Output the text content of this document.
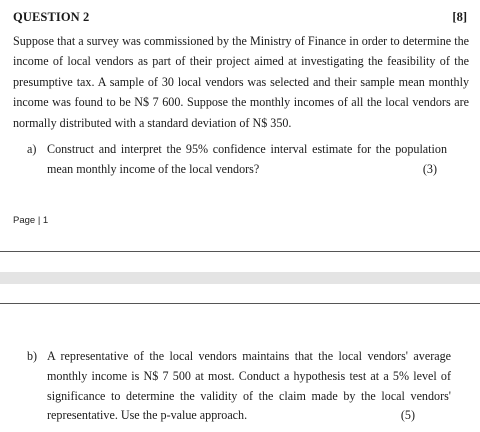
QUESTION 2	[8]

Suppose that a survey was commissioned by the Ministry of Finance in order to determine the income of local vendors as part of their project aimed at investigating the feasibility of the presumptive tax. A sample of 30 local vendors was selected and their sample mean monthly income was found to be N$ 7 600. Suppose the monthly incomes of all the local vendors are normally distributed with a standard deviation of N$ 350.

a) Construct and interpret the 95% confidence interval estimate for the population mean monthly income of the local vendors?	(3)
Page | 1
b) A representative of the local vendors maintains that the local vendors' average monthly income is N$ 7 500 at most. Conduct a hypothesis test at a 5% level of significance to determine the validity of the claim made by the local vendors' representative. Use the p-value approach.	(5)
